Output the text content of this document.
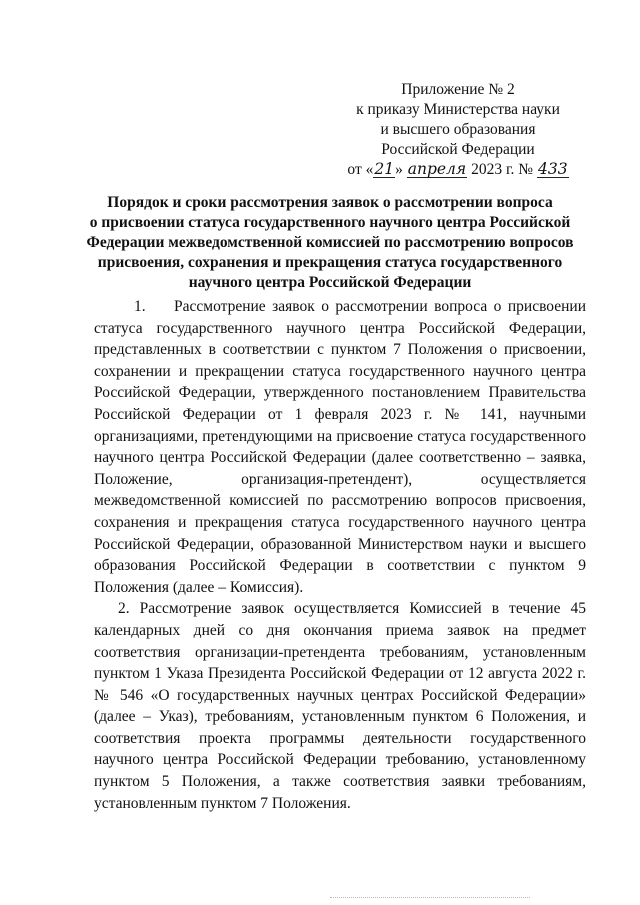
Приложение № 2
к приказу Министерства науки
и высшего образования
Российской Федерации
от «21» апреля 2023 г. № 433
Порядок и сроки рассмотрения заявок о рассмотрении вопроса
о присвоении статуса государственного научного центра Российской
Федерации межведомственной комиссией по рассмотрению вопросов
присвоения, сохранения и прекращения статуса государственного
научного центра Российской Федерации

1. Рассмотрение заявок о рассмотрении вопроса о присвоении статуса государственного научного центра Российской Федерации, представленных в соответствии с пунктом 7 Положения о присвоении, сохранении и прекращении статуса государственного научного центра Российской Федерации, утвержденного постановлением Правительства Российской Федерации от 1 февраля 2023 г. № 141, научными организациями, претендующими на присвоение статуса государственного научного центра Российской Федерации (далее соответственно – заявка, Положение, организация-претендент), осуществляется межведомственной комиссией по рассмотрению вопросов присвоения, сохранения и прекращения статуса государственного научного центра Российской Федерации, образованной Министерством науки и высшего образования Российской Федерации в соответствии с пунктом 9 Положения (далее – Комиссия).

2. Рассмотрение заявок осуществляется Комиссией в течение 45 календарных дней со дня окончания приема заявок на предмет соответствия организации-претендента требованиям, установленным пунктом 1 Указа Президента Российской Федерации от 12 августа 2022 г. № 546 «О государственных научных центрах Российской Федерации» (далее – Указ), требованиям, установленным пунктом 6 Положения, и соответствия проекта программы деятельности государственного научного центра Российской Федерации требованию, установленному пунктом 5 Положения, а также соответствия заявки требованиям, установленным пунктом 7 Положения.
